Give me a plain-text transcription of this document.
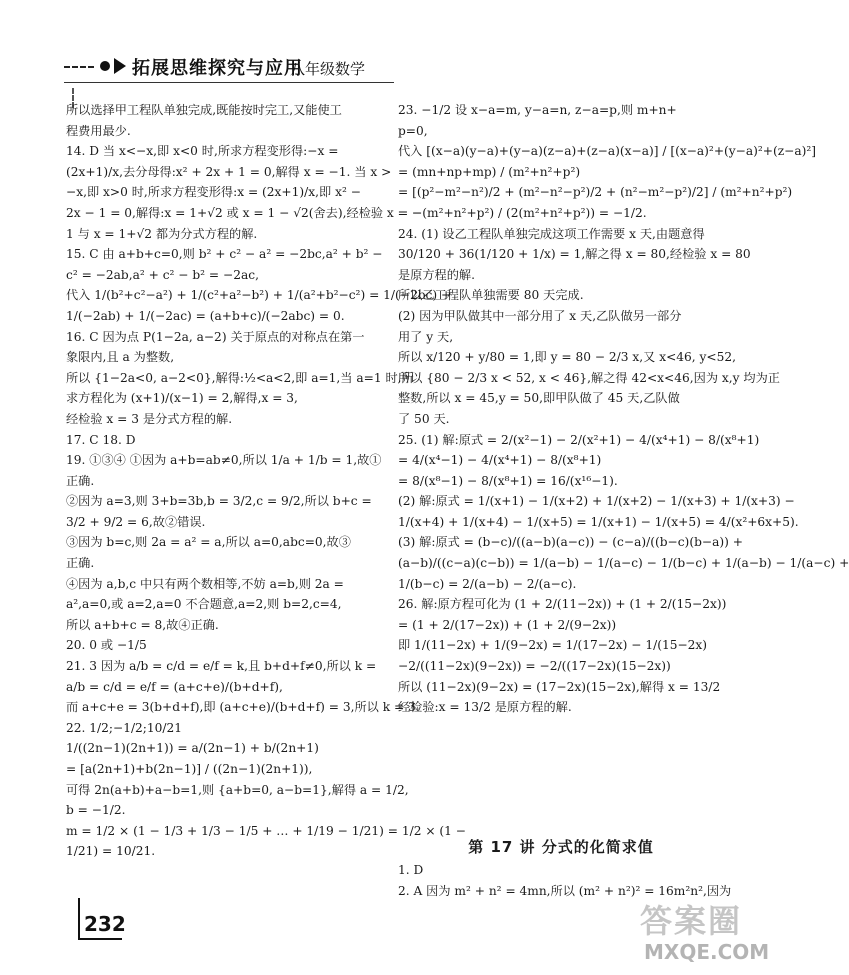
拓展思维探究与应用
八年级数学

所以选择甲工程队单独完成,既能按时完工,又能使工

程费用最少.

14. D 当 x<−x,即 x<0 时,所求方程变形得:−x =

(2x+1)/x,去分母得:x² + 2x + 1 = 0,解得 x = −1. 当 x >

−x,即 x>0 时,所求方程变形得:x = (2x+1)/x,即 x² −

2x − 1 = 0,解得:x = 1+√2 或 x = 1 − √2(舍去),经检验 x = −

1 与 x = 1+√2 都为分式方程的解.

15. C 由 a+b+c=0,则 b² + c² − a² = −2bc,a² + b² −

c² = −2ab,a² + c² − b² = −2ac,

代入 1/(b²+c²−a²) + 1/(c²+a²−b²) + 1/(a²+b²−c²) = 1/(−2bc) +

1/(−2ab) + 1/(−2ac) = (a+b+c)/(−2abc) = 0.

16. C 因为点 P(1−2a, a−2) 关于原点的对称点在第一

象限内,且 a 为整数,

所以 {1−2a<0, a−2<0},解得:½<a<2,即 a=1,当 a=1 时,所

求方程化为 (x+1)/(x−1) = 2,解得,x = 3,

经检验 x = 3 是分式方程的解.

17. C 18. D

19. ①③④ ①因为 a+b=ab≠0,所以 1/a + 1/b = 1,故①

正确.

②因为 a=3,则 3+b=3b,b = 3/2,c = 9/2,所以 b+c =

3/2 + 9/2 = 6,故②错误.

③因为 b=c,则 2a = a² = a,所以 a=0,abc=0,故③

正确.

④因为 a,b,c 中只有两个数相等,不妨 a=b,则 2a =

a²,a=0,或 a=2,a=0 不合题意,a=2,则 b=2,c=4,

所以 a+b+c = 8,故④正确.

20. 0 或 −1/5

21. 3 因为 a/b = c/d = e/f = k,且 b+d+f≠0,所以 k =

a/b = c/d = e/f = (a+c+e)/(b+d+f),

而 a+c+e = 3(b+d+f),即 (a+c+e)/(b+d+f) = 3,所以 k = 3.

22. 1/2;−1/2;10/21

1/((2n−1)(2n+1)) = a/(2n−1) + b/(2n+1)

= [a(2n+1)+b(2n−1)] / ((2n−1)(2n+1)),

可得 2n(a+b)+a−b=1,则 {a+b=0, a−b=1},解得 a = 1/2,

b = −1/2.

m = 1/2 × (1 − 1/3 + 1/3 − 1/5 + … + 1/19 − 1/21) = 1/2 × (1 −

1/21) = 10/21.

23. −1/2 设 x−a=m, y−a=n, z−a=p,则 m+n+

p=0,

代入 [(x−a)(y−a)+(y−a)(z−a)+(z−a)(x−a)] / [(x−a)²+(y−a)²+(z−a)²]

= (mn+np+mp) / (m²+n²+p²)

= [(p²−m²−n²)/2 + (m²−n²−p²)/2 + (n²−m²−p²)/2] / (m²+n²+p²)

= −(m²+n²+p²) / (2(m²+n²+p²)) = −1/2.

24. (1) 设乙工程队单独完成这项工作需要 x 天,由题意得

30/120 + 36(1/120 + 1/x) = 1,解之得 x = 80,经检验 x = 80

是原方程的解.

所以乙工程队单独需要 80 天完成.

(2) 因为甲队做其中一部分用了 x 天,乙队做另一部分

用了 y 天,

所以 x/120 + y/80 = 1,即 y = 80 − 2/3 x,又 x<46, y<52,

所以 {80 − 2/3 x < 52, x < 46},解之得 42<x<46,因为 x,y 均为正

整数,所以 x = 45,y = 50,即甲队做了 45 天,乙队做

了 50 天.

25. (1) 解:原式 = 2/(x²−1) − 2/(x²+1) − 4/(x⁴+1) − 8/(x⁸+1)

= 4/(x⁴−1) − 4/(x⁴+1) − 8/(x⁸+1)

= 8/(x⁸−1) − 8/(x⁸+1) = 16/(x¹⁶−1).

(2) 解:原式 = 1/(x+1) − 1/(x+2) + 1/(x+2) − 1/(x+3) + 1/(x+3) −

1/(x+4) + 1/(x+4) − 1/(x+5) = 1/(x+1) − 1/(x+5) = 4/(x²+6x+5).

(3) 解:原式 = (b−c)/((a−b)(a−c)) − (c−a)/((b−c)(b−a)) +

(a−b)/((c−a)(c−b)) = 1/(a−b) − 1/(a−c) − 1/(b−c) + 1/(a−b) − 1/(a−c) +

1/(b−c) = 2/(a−b) − 2/(a−c).

26. 解:原方程可化为 (1 + 2/(11−2x)) + (1 + 2/(15−2x))

= (1 + 2/(17−2x)) + (1 + 2/(9−2x))

即 1/(11−2x) + 1/(9−2x) = 1/(17−2x) − 1/(15−2x)

−2/((11−2x)(9−2x)) = −2/((17−2x)(15−2x))

所以 (11−2x)(9−2x) = (17−2x)(15−2x),解得 x = 13/2

经检验:x = 13/2 是原方程的解.

第 17 讲 分式的化简求值

1. D

2. A 因为 m² + n² = 4mn,所以 (m² + n²)² = 16m²n²,因为

232	答案圈
MXQE.COM
